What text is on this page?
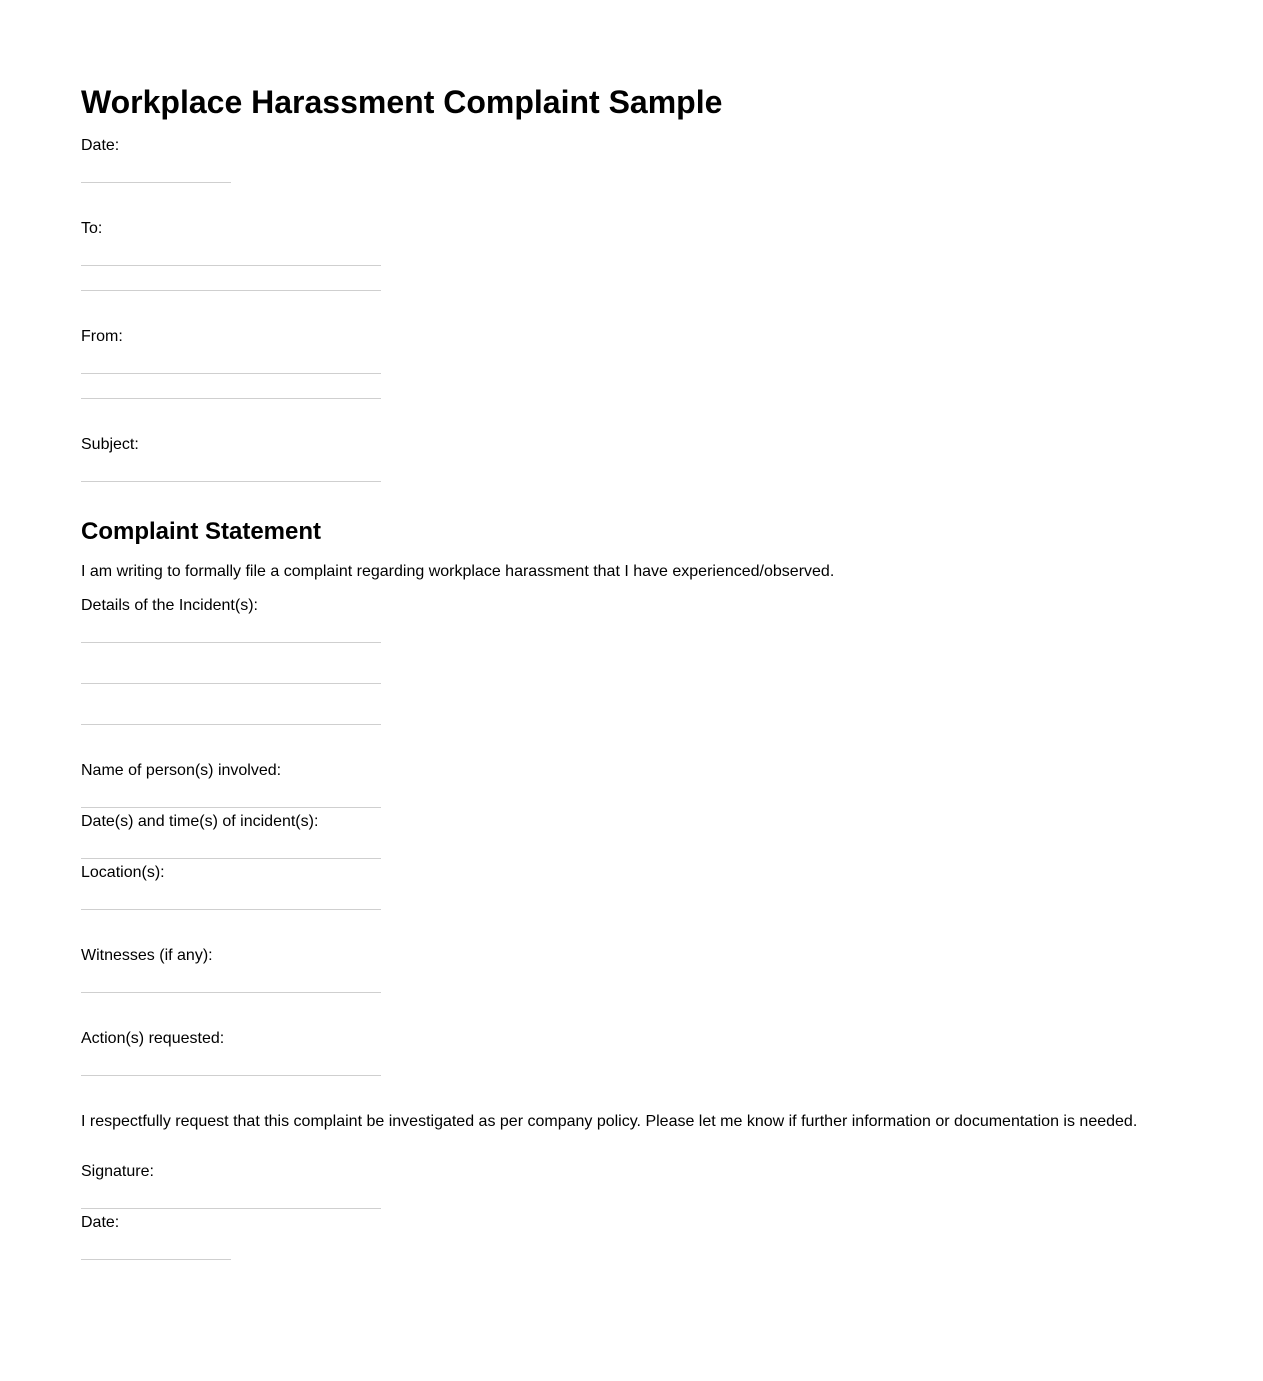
Workplace Harassment Complaint Sample
Date:
To:
From:
Subject:
Complaint Statement

I am writing to formally file a complaint regarding workplace harassment that I have experienced/observed.

Details of the Incident(s):
Name of person(s) involved:
Date(s) and time(s) of incident(s):
Location(s):
Witnesses (if any):
Action(s) requested:

I respectfully request that this complaint be investigated as per company policy. Please let me know if further information or documentation is needed.

Signature:
Date:
